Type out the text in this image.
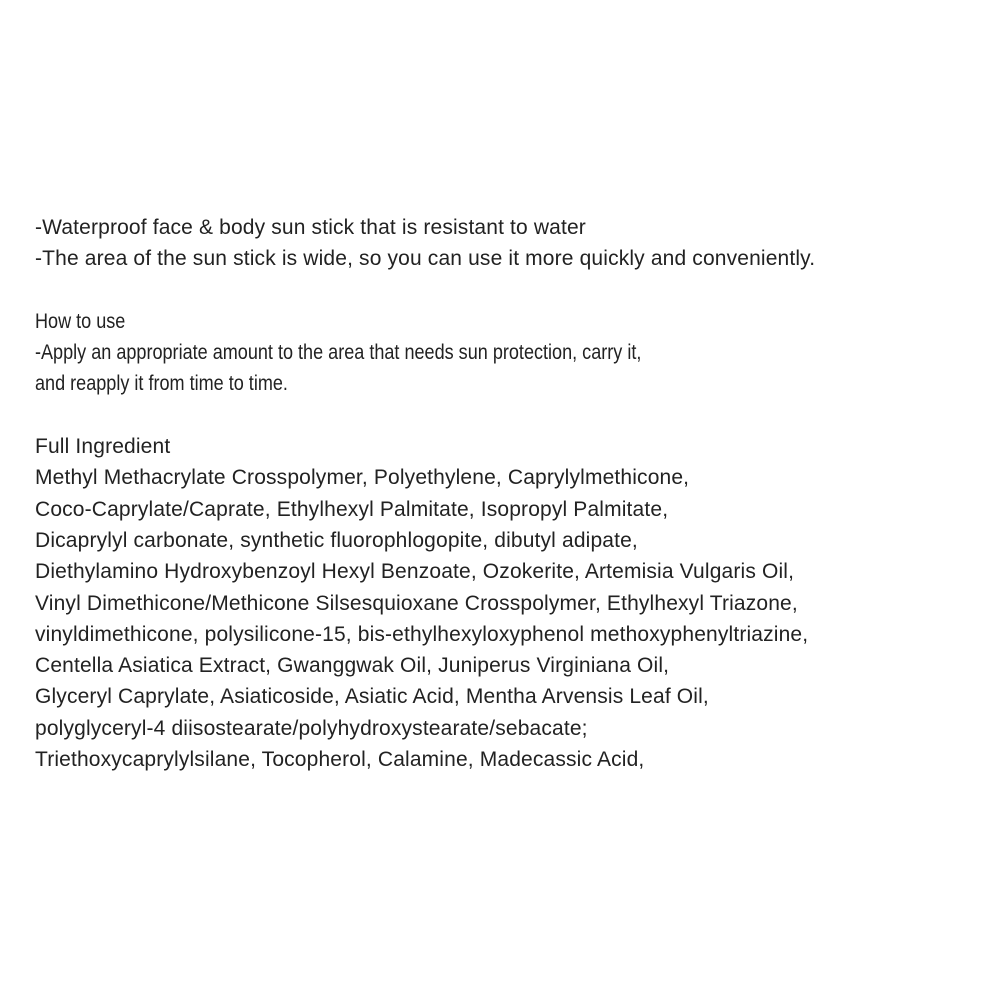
-Waterproof face & body sun stick that is resistant to water
-The area of the sun stick is wide, so you can use it more quickly and conveniently.
How to use
-Apply an appropriate amount to the area that needs sun protection, carry it,
and reapply it from time to time.
Full Ingredient
Methyl Methacrylate Crosspolymer, Polyethylene, Caprylylmethicone,
Coco-Caprylate/Caprate, Ethylhexyl Palmitate, Isopropyl Palmitate,
Dicaprylyl carbonate, synthetic fluorophlogopite, dibutyl adipate,
Diethylamino Hydroxybenzoyl Hexyl Benzoate, Ozokerite, Artemisia Vulgaris Oil,
Vinyl Dimethicone/Methicone Silsesquioxane Crosspolymer, Ethylhexyl Triazone,
vinyldimethicone, polysilicone-15, bis-ethylhexyloxyphenol methoxyphenyltriazine,
Centella Asiatica Extract, Gwanggwak Oil, Juniperus Virginiana Oil,
Glyceryl Caprylate, Asiaticoside, Asiatic Acid, Mentha Arvensis Leaf Oil,
polyglyceryl-4 diisostearate/polyhydroxystearate/sebacate;
Triethoxycaprylylsilane, Tocopherol, Calamine, Madecassic Acid,
